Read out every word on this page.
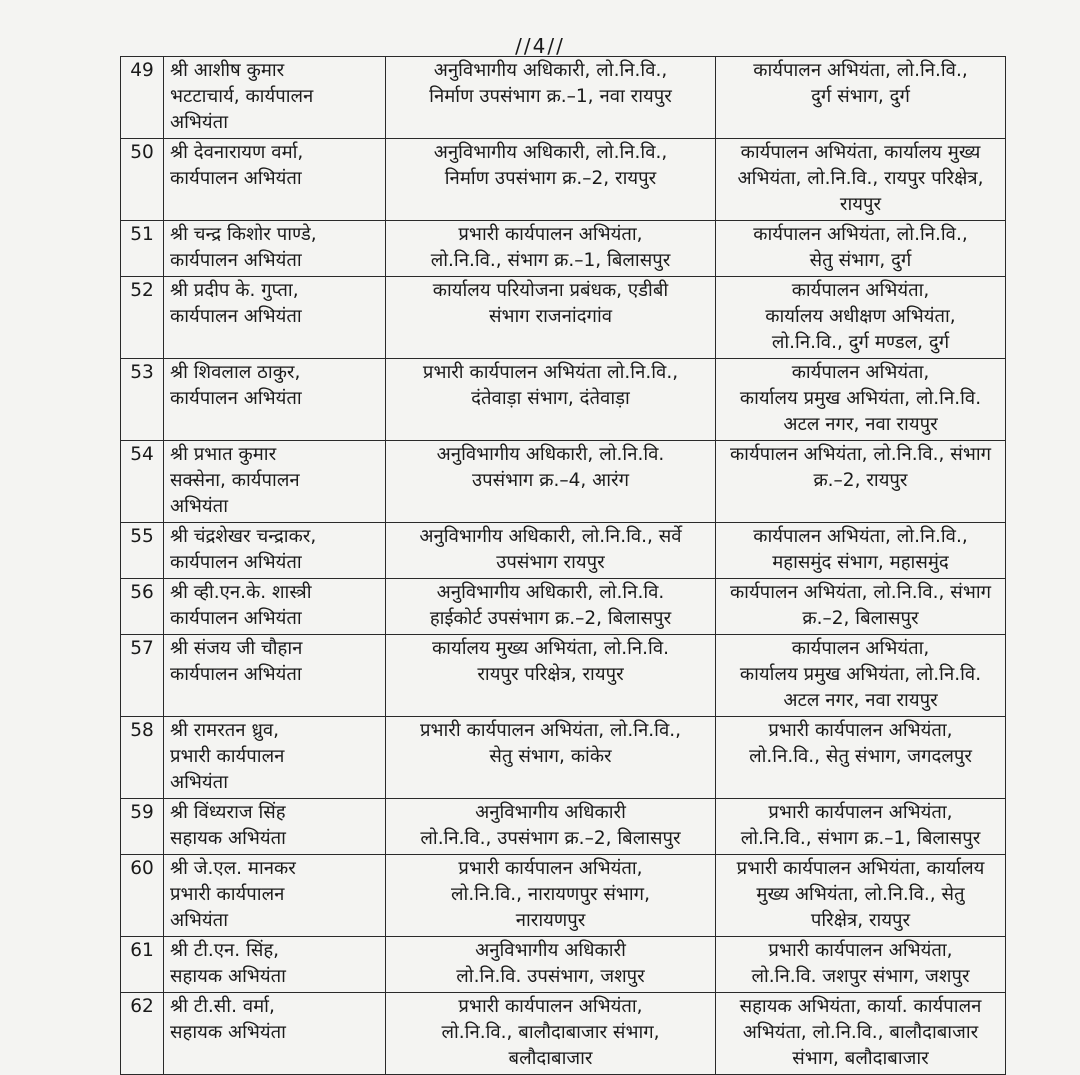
//4//
49	श्री आशीष कुमार
भटटाचार्य, कार्यपालन
अभियंता	अनुविभागीय अधिकारी, लो.नि.वि.,
निर्माण उपसंभाग क्र.–1, नवा रायपुर	कार्यपालन अभियंता, लो.नि.वि.,
दुर्ग संभाग, दुर्ग

50	श्री देवनारायण वर्मा,
कार्यपालन अभियंता	अनुविभागीय अधिकारी, लो.नि.वि.,
निर्माण उपसंभाग क्र.–2, रायपुर	कार्यपालन अभियंता, कार्यालय मुख्य
अभियंता, लो.नि.वि., रायपुर परिक्षेत्र,
रायपुर

51	श्री चन्द्र किशोर पाण्डे,
कार्यपालन अभियंता	प्रभारी कार्यपालन अभियंता,
लो.नि.वि., संभाग क्र.–1, बिलासपुर	कार्यपालन अभियंता, लो.नि.वि.,
सेतु संभाग, दुर्ग

52	श्री प्रदीप के. गुप्ता,
कार्यपालन अभियंता	कार्यालय परियोजना प्रबंधक, एडीबी
संभाग राजनांदगांव	कार्यपालन अभियंता,
कार्यालय अधीक्षण अभियंता,
लो.नि.वि., दुर्ग मण्डल, दुर्ग

53	श्री शिवलाल ठाकुर,
कार्यपालन अभियंता	प्रभारी कार्यपालन अभियंता लो.नि.वि.,
दंतेवाड़ा संभाग, दंतेवाड़ा	कार्यपालन अभियंता,
कार्यालय प्रमुख अभियंता, लो.नि.वि.
अटल नगर, नवा रायपुर

54	श्री प्रभात कुमार
सक्सेना, कार्यपालन
अभियंता	अनुविभागीय अधिकारी, लो.नि.वि.
उपसंभाग क्र.–4, आरंग	कार्यपालन अभियंता, लो.नि.वि., संभाग
क्र.–2, रायपुर

55	श्री चंद्रशेखर चन्द्राकर,
कार्यपालन अभियंता	अनुविभागीय अधिकारी, लो.नि.वि., सर्वे
उपसंभाग रायपुर	कार्यपालन अभियंता, लो.नि.वि.,
महासमुंद संभाग, महासमुंद

56	श्री व्ही.एन.के. शास्त्री
कार्यपालन अभियंता	अनुविभागीय अधिकारी, लो.नि.वि.
हाईकोर्ट उपसंभाग क्र.–2, बिलासपुर	कार्यपालन अभियंता, लो.नि.वि., संभाग
क्र.–2, बिलासपुर

57	श्री संजय जी चौहान
कार्यपालन अभियंता	कार्यालय मुख्य अभियंता, लो.नि.वि.
रायपुर परिक्षेत्र, रायपुर	कार्यपालन अभियंता,
कार्यालय प्रमुख अभियंता, लो.नि.वि.
अटल नगर, नवा रायपुर

58	श्री रामरतन ध्रुव,
प्रभारी कार्यपालन
अभियंता	प्रभारी कार्यपालन अभियंता, लो.नि.वि.,
सेतु संभाग, कांकेर	प्रभारी कार्यपालन अभियंता,
लो.नि.वि., सेतु संभाग, जगदलपुर

59	श्री विंध्यराज सिंह
सहायक अभियंता	अनुविभागीय अधिकारी
लो.नि.वि., उपसंभाग क्र.–2, बिलासपुर	प्रभारी कार्यपालन अभियंता,
लो.नि.वि., संभाग क्र.–1, बिलासपुर

60	श्री जे.एल. मानकर
प्रभारी कार्यपालन
अभियंता	प्रभारी कार्यपालन अभियंता,
लो.नि.वि., नारायणपुर संभाग,
नारायणपुर	प्रभारी कार्यपालन अभियंता, कार्यालय
मुख्य अभियंता, लो.नि.वि., सेतु
परिक्षेत्र, रायपुर

61	श्री टी.एन. सिंह,
सहायक अभियंता	अनुविभागीय अधिकारी
लो.नि.वि. उपसंभाग, जशपुर	प्रभारी कार्यपालन अभियंता,
लो.नि.वि. जशपुर संभाग, जशपुर

62	श्री टी.सी. वर्मा,
सहायक अभियंता	प्रभारी कार्यपालन अभियंता,
लो.नि.वि., बालौदाबाजार संभाग,
बलौदाबाजार	सहायक अभियंता, कार्या. कार्यपालन
अभियंता, लो.नि.वि., बालौदाबाजार
संभाग, बलौदाबाजार
